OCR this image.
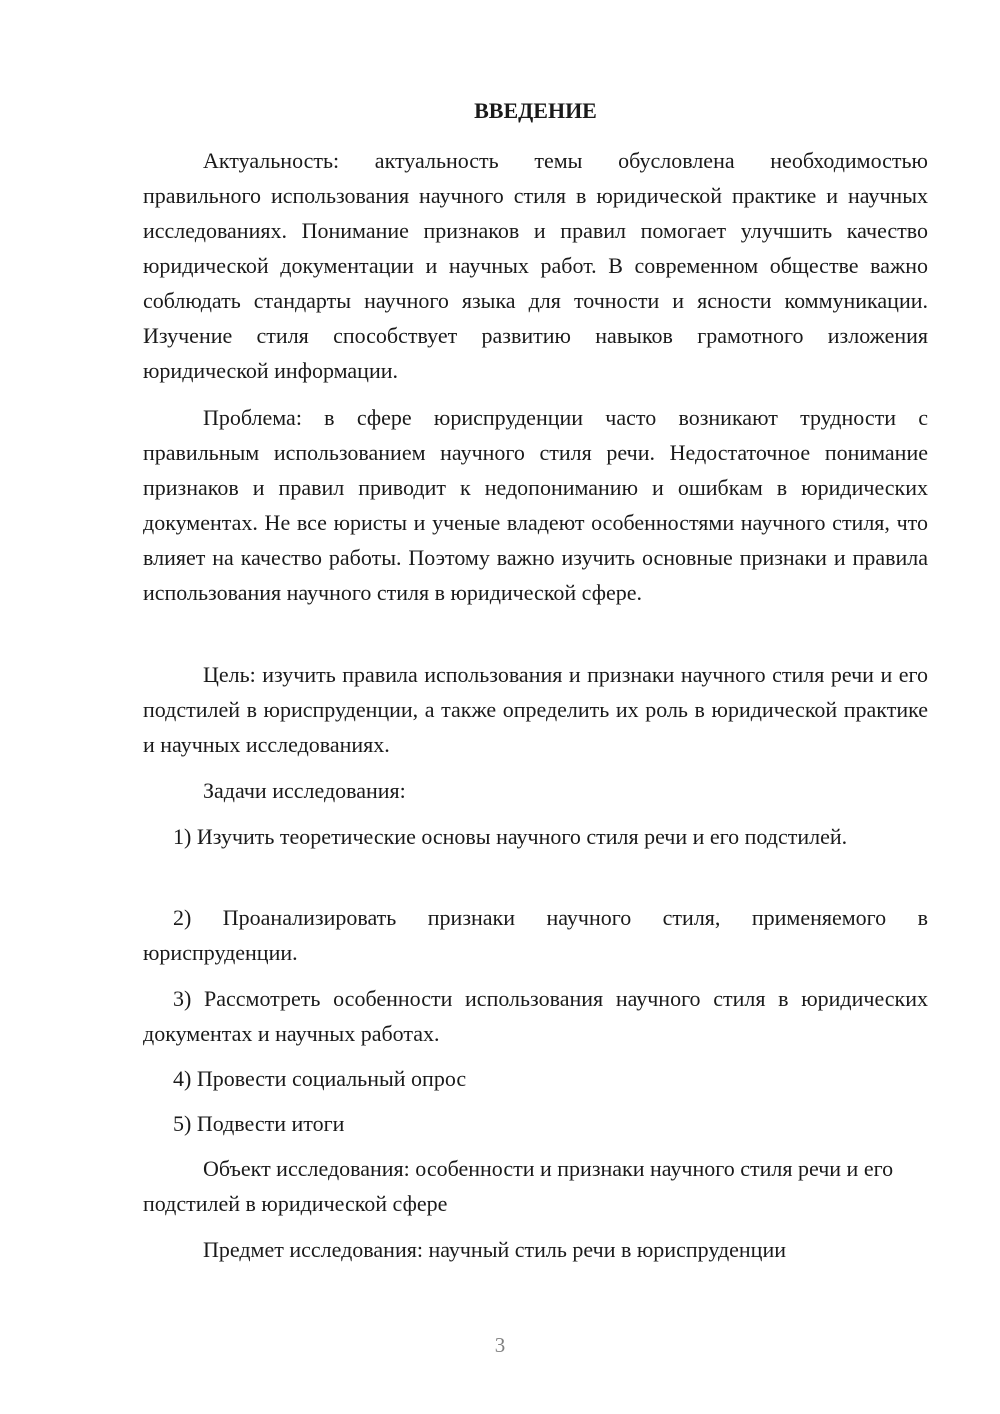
ВВЕДЕНИЕ

Актуальность: актуальность темы обусловлена необходимостью правильного использования научного стиля в юридической практике и научных исследованиях. Понимание признаков и правил помогает улучшить качество юридической документации и научных работ. В современном обществе важно соблюдать стандарты научного языка для точности и ясности коммуникации. Изучение стиля способствует развитию навыков грамотного изложения юридической информации.

Проблема: в сфере юриспруденции часто возникают трудности с правильным использованием научного стиля речи. Недостаточное понимание признаков и правил приводит к недопониманию и ошибкам в юридических документах. Не все юристы и ученые владеют особенностями научного стиля, что влияет на качество работы. Поэтому важно изучить основные признаки и правила использования научного стиля в юридической сфере.

Цель: изучить правила использования и признаки научного стиля речи и его подстилей в юриспруденции, а также определить их роль в юридической практике и научных исследованиях.

Задачи исследования:

1) Изучить теоретические основы научного стиля речи и его подстилей.

2) Проанализировать признаки научного стиля, применяемого в юриспруденции.

3) Рассмотреть особенности использования научного стиля в юридических документах и научных работах.

4) Провести социальный опрос

5) Подвести итоги

Объект исследования: особенности и признаки научного стиля речи и его подстилей в юридической сфере

Предмет исследования: научный стиль речи в юриспруденции

3
